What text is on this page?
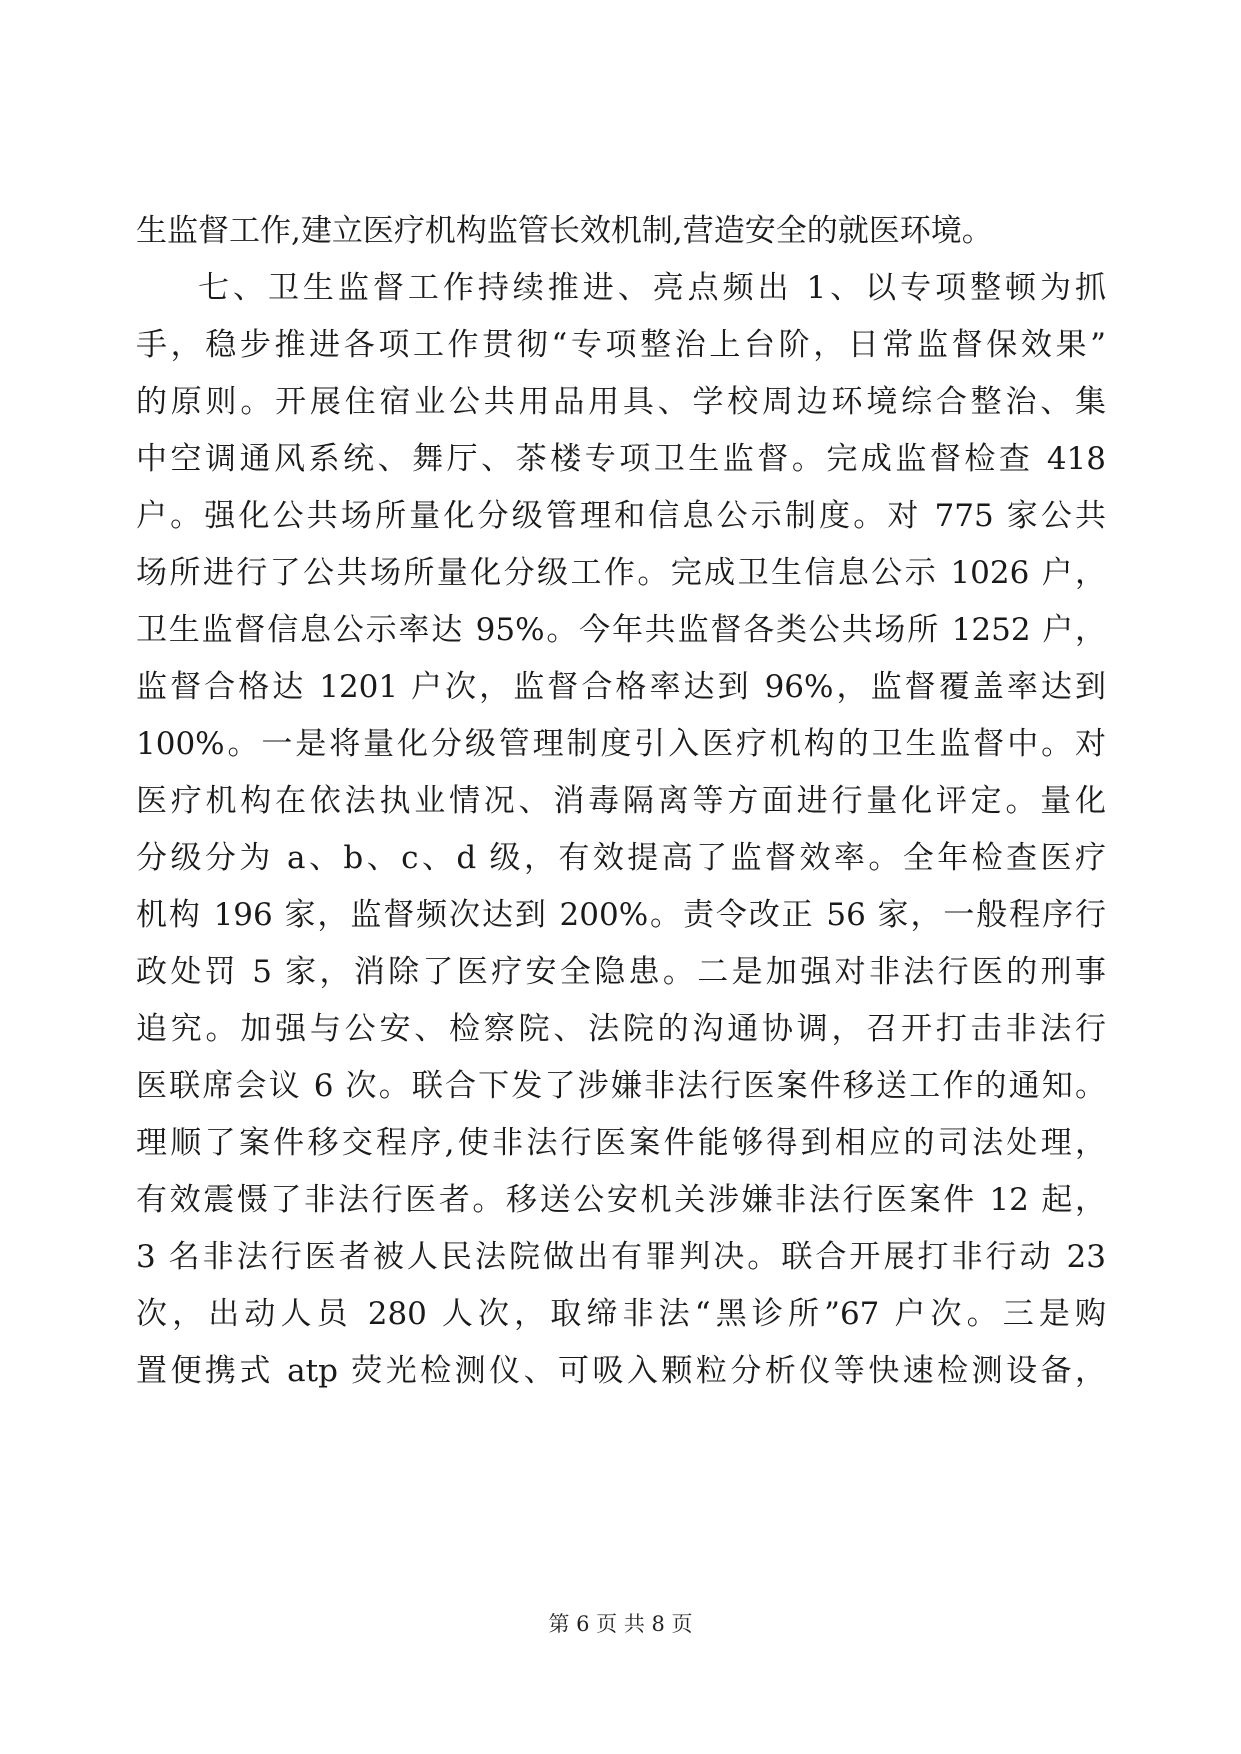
生监督工作,建立医疗机构监管长效机制,营造安全的就医环境。
七、卫生监督工作持续推进、亮点频出 1、以专项整顿为抓
手，稳步推进各项工作贯彻“专项整治上台阶，日常监督保效果”
的原则。开展住宿业公共用品用具、学校周边环境综合整治、集
中空调通风系统、舞厅、茶楼专项卫生监督。完成监督检查 418
户。强化公共场所量化分级管理和信息公示制度。对 775 家公共
场所进行了公共场所量化分级工作。完成卫生信息公示 1026 户，
卫生监督信息公示率达 95%。今年共监督各类公共场所 1252 户，
监督合格达 1201 户次，监督合格率达到 96%，监督覆盖率达到
100%。一是将量化分级管理制度引入医疗机构的卫生监督中。对
医疗机构在依法执业情况、消毒隔离等方面进行量化评定。量化
分级分为 a、b、c、d 级，有效提高了监督效率。全年检查医疗
机构 196 家，监督频次达到 200%。责令改正 56 家，一般程序行
政处罚 5 家，消除了医疗安全隐患。二是加强对非法行医的刑事
追究。加强与公安、检察院、法院的沟通协调，召开打击非法行
医联席会议 6 次。联合下发了涉嫌非法行医案件移送工作的通知。
理顺了案件移交程序,使非法行医案件能够得到相应的司法处理，
有效震慑了非法行医者。移送公安机关涉嫌非法行医案件 12 起，
3 名非法行医者被人民法院做出有罪判决。联合开展打非行动 23
次，出动人员 280 人次，取缔非法“黑诊所”67 户次。三是购
置便携式 atp 荧光检测仪、可吸入颗粒分析仪等快速检测设备，
第 6 页 共 8 页
